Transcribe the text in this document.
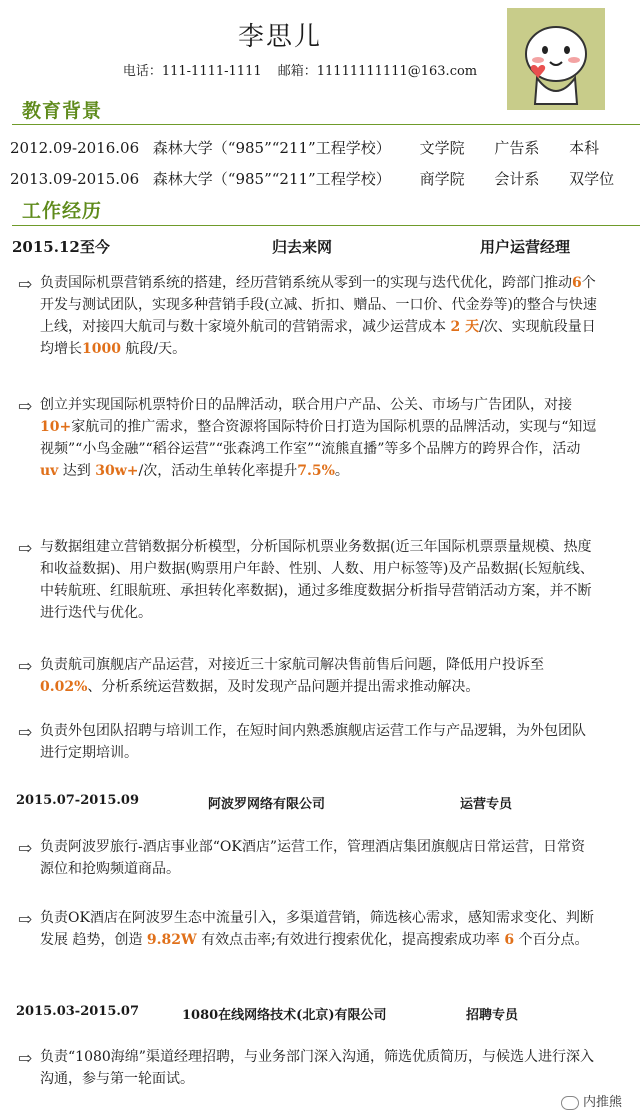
李思儿
电话：111-1111-1111 邮箱：11111111111@163.com
教育背景
2012.09-2016.06 森林大学（“985”“211”工程学校） 文学院 广告系 本科
2013.09-2015.06 森林大学（“985”“211”工程学校） 商学院 会计系 双学位
工作经历
2015.12至今	归去来网	用户运营经理
⇨ 负责国际机票营销系统的搭建，经历营销系统从零到一的实现与迭代优化，跨部门推动6个开发与测试团队，实现多种营销手段(立减、折扣、赠品、一口价、代金券等)的整合与快速上线，对接四大航司与数十家境外航司的营销需求，减少运营成本 2 天/次、实现航段量日均增长1000 航段/天。
⇨ 创立并实现国际机票特价日的品牌活动，联合用户产品、公关、市场与广告团队，对接10+家航司的推广需求，整合资源将国际特价日打造为国际机票的品牌活动，实现与“知逗视频”“小鸟金融”“稻谷运营”“张森鸿工作室”“流熊直播”等多个品牌方的跨界合作，活动 uv 达到 30w+/次，活动生单转化率提升7.5%。
⇨ 与数据组建立营销数据分析模型，分析国际机票业务数据(近三年国际机票票量规模、热度和收益数据)、用户数据(购票用户年龄、性别、人数、用户标签等)及产品数据(长短航线、中转航班、红眼航班、承担转化率数据)，通过多维度数据分析指导营销活动方案，并不断进行迭代与优化。
⇨ 负责航司旗舰店产品运营，对接近三十家航司解决售前售后问题，降低用户投诉至 0.02%、分析系统运营数据，及时发现产品问题并提出需求推动解决。
⇨ 负责外包团队招聘与培训工作，在短时间内熟悉旗舰店运营工作与产品逻辑，为外包团队进行定期培训。
2015.07-2015.09	阿波罗网络有限公司	运营专员
⇨ 负责阿波罗旅行-酒店事业部“OK酒店”运营工作，管理酒店集团旗舰店日常运营，日常资源位和抢购频道商品。
⇨ 负责OK酒店在阿波罗生态中流量引入，多渠道营销，筛选核心需求，感知需求变化、判断发展 趋势，创造 9.82W 有效点击率;有效进行搜索优化，提高搜索成功率 6 个百分点。
2015.03-2015.07	1080在线网络技术(北京)有限公司	招聘专员
⇨ 负责“1080海绵”渠道经理招聘，与业务部门深入沟通，筛选优质简历，与候选人进行深入沟通，参与第一轮面试。
内推熊
